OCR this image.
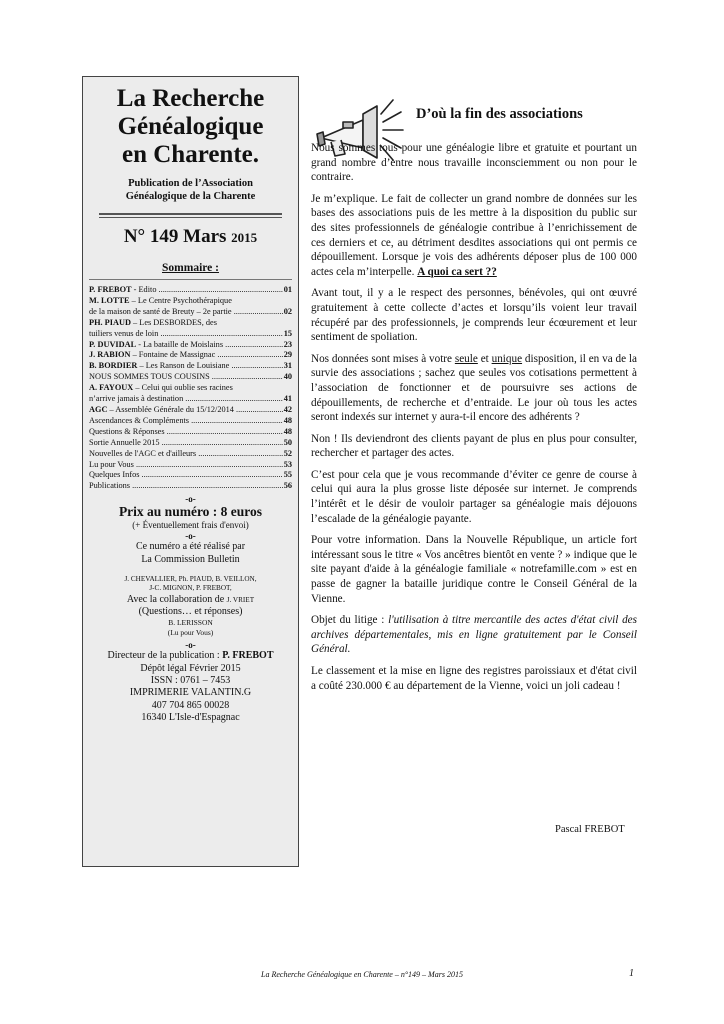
La Recherche
Généalogique
en Charente.
Publication de l’Association
Généalogique de la Charente
N° 149 Mars 2015
Sommaire :
P. FREBOT - Edito .....	01
M. LOTTE – Le Centre Psychothérapique
de la maison de santé de Breuty – 2e partie .....	02
PH. PIAUD – Les DESBORDES, des
tuiliers venus de loin .....	15
P. DUVIDAL - La bataille de Moislains .....	23
J. RABION – Fontaine de Massignac .....	29
B. BORDIER – Les Ranson de Louisiane .....	31
NOUS SOMMES TOUS COUSINS .....	40
A. FAYOUX – Celui qui oublie ses racines
n’arrive jamais à destination .....	41
AGC – Assemblée Générale du 15/12/2014 .....	42
Ascendances & Compléments .....	48
Questions & Réponses .....	48
Sortie Annuelle 2015 .....	50
Nouvelles de l'AGC et d'ailleurs .....	52
Lu pour Vous .....	53
Quelques Infos .....	55
Publications .....	56
-o-
Prix au numéro : 8 euros
(+ Éventuellement frais d'envoi)
-o-
Ce numéro a été réalisé par
La Commission Bulletin
J. CHEVALLIER, Ph. PIAUD, B. VEILLON,
J-C. MIGNON, P. FREBOT,
Avec la collaboration de J. VRIET
(Questions… et réponses)
B. LERISSON
(Lu pour Vous)
-o-
Directeur de la publication : P. FREBOT
Dépôt légal Février 2015
ISSN : 0761 – 7453
IMPRIMERIE VALANTIN.G
407 704 865 00028
16340 L'Isle-d'Espagnac
D’où la fin des associations

Nous sommes tous pour une généalogie libre et gratuite et pourtant un grand nombre d’entre nous travaille inconsciemment ou non pour le contraire.

Je m’explique. Le fait de collecter un grand nombre de données sur les bases des associations puis de les mettre à la disposition du public sur des sites professionnels de généalogie contribue à l’enrichissement de ces derniers et ce, au détriment desdites associations qui ont permis ce dépouillement. Lorsque je vois des adhérents déposer plus de 100 000 actes cela m’interpelle. A quoi ca sert ??

Avant tout, il y a le respect des personnes, bénévoles, qui ont œuvré gratuitement à cette collecte d’actes et lorsqu’ils voient leur travail récupéré par des professionnels, je comprends leur écœurement et leur sentiment de spoliation.

Nos données sont mises à votre seule et unique disposition, il en va de la survie des associations ; sachez que seules vos cotisations permettent à l’association de fonctionner et de poursuivre ses actions de dépouillements, de recherche et d’entraide. Le jour où tous les actes seront indexés sur internet y aura-t-il encore des adhérents ?

Non ! Ils deviendront des clients payant de plus en plus pour consulter, rechercher et partager des actes.

C’est pour cela que je vous recommande d’éviter ce genre de course à celui qui aura la plus grosse liste déposée sur internet. Je comprends l’intérêt et le désir de vouloir partager sa généalogie mais déjouons l’escalade de la généalogie payante.

Pour votre information. Dans la Nouvelle République, un article fort intéressant sous le titre « Vos ancêtres bientôt en vente ? » indique que le site payant d'aide à la généalogie familiale « notrefamille.com » est en passe de gagner la bataille juridique contre le Conseil Général de la Vienne.

Objet du litige : l'utilisation à titre mercantile des actes d'état civil des archives départementales, mis en ligne gratuitement par le Conseil Général.

Le classement et la mise en ligne des registres paroissiaux et d'état civil a coûté 230.000 € au département de la Vienne, voici un joli cadeau !

Pascal FREBOT
La Recherche Généalogique en Charente – n°149 – Mars 2015	1
